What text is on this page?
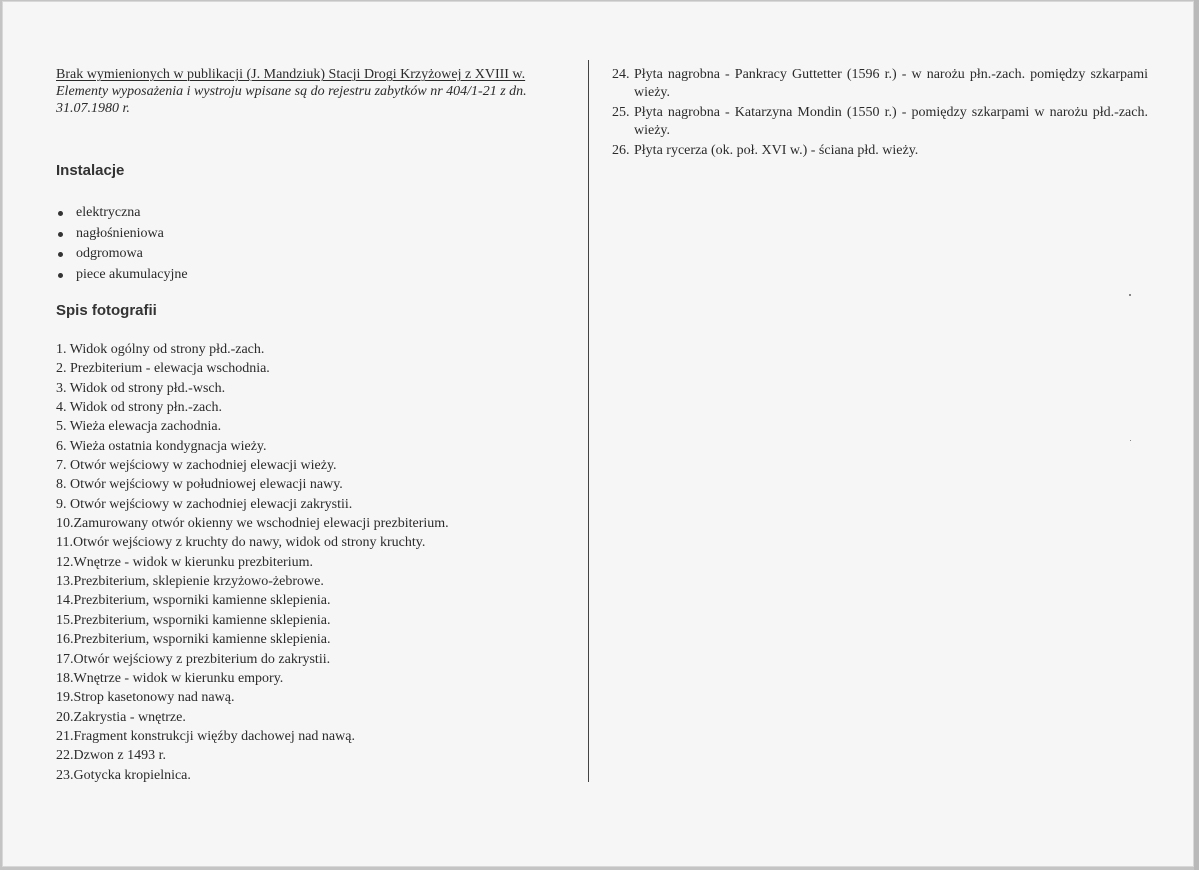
Brak wymienionych w publikacji (J. Mandziuk) Stacji Drogi Krzyżowej z XVIII w.

Elementy wyposażenia i wystroju wpisane są do rejestru zabytków nr 404/1-21 z dn. 31.07.1980 r.

Instalacje
elektryczna
nagłośnieniowa
odgromowa
piece akumulacyjne
Spis fotografii
1. Widok ogólny od strony płd.-zach.
2. Prezbiterium - elewacja wschodnia.
3. Widok od strony płd.-wsch.
4. Widok od strony płn.-zach.
5. Wieża elewacja zachodnia.
6. Wieża ostatnia kondygnacja wieży.
7. Otwór wejściowy w zachodniej elewacji wieży.
8. Otwór wejściowy w południowej elewacji nawy.
9. Otwór wejściowy w zachodniej elewacji zakrystii.
10.Zamurowany otwór okienny we wschodniej elewacji prezbiterium.
11.Otwór wejściowy z kruchty do nawy, widok od strony kruchty.
12.Wnętrze - widok w kierunku prezbiterium.
13.Prezbiterium, sklepienie krzyżowo-żebrowe.
14.Prezbiterium, wsporniki kamienne sklepienia.
15.Prezbiterium, wsporniki kamienne sklepienia.
16.Prezbiterium, wsporniki kamienne sklepienia.
17.Otwór wejściowy z prezbiterium do zakrystii.
18.Wnętrze - widok w kierunku empory.
19.Strop kasetonowy nad nawą.
20.Zakrystia - wnętrze.
21.Fragment konstrukcji więźby dachowej nad nawą.
22.Dzwon z 1493 r.
23.Gotycka kropielnica.
24. Płyta nagrobna - Pankracy Guttetter (1596 r.) - w narożu płn.-zach. pomiędzy szkarpami wieży.
25. Płyta nagrobna - Katarzyna Mondin (1550 r.) - pomiędzy szkarpami w narożu płd.-zach. wieży.
26. Płyta rycerza (ok. poł. XVI w.) - ściana płd. wieży.
